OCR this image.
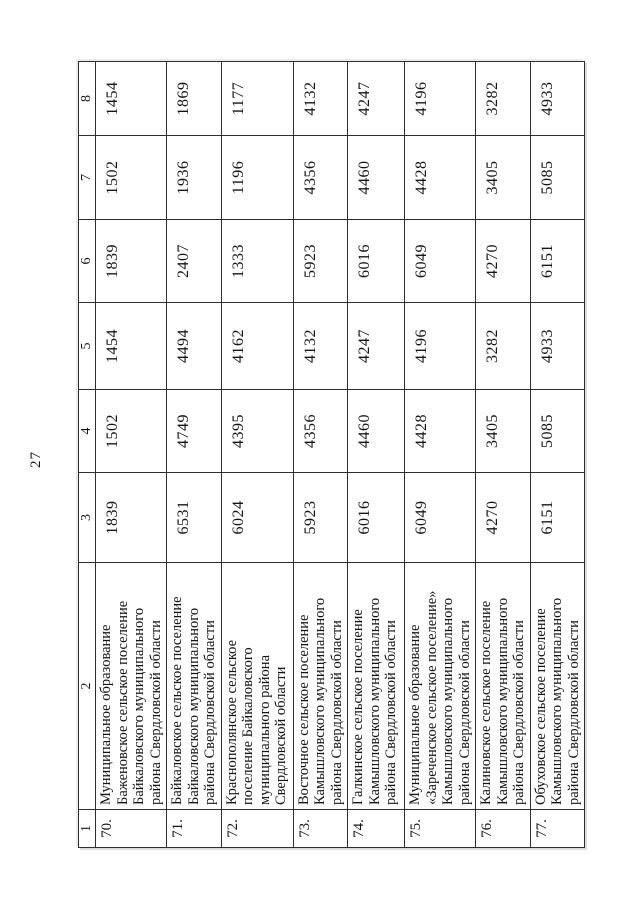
27
1	2	3	4	5	6	7	8
70.	Муниципальное образование
Баженовское сельское поселение
Байкаловского муниципального
района Свердловской области	1839	1502	1454	1839	1502	1454
71.	Байкаловское сельское поселение
Байкаловского муниципального
района Свердловской области	6531	4749	4494	2407	1936	1869
72.	Краснополянское сельское
поселение Байкаловского
муниципального района
Свердловской области	6024	4395	4162	1333	1196	1177
73.	Восточное сельское поселение
Камышловского муниципального
района Свердловской области	5923	4356	4132	5923	4356	4132
74.	Галкинское сельское поселение
Камышловского муниципального
района Свердловской области	6016	4460	4247	6016	4460	4247
75.	Муниципальное образование
«Зареченское сельское поселение»
Камышловского муниципального
района Свердловской области	6049	4428	4196	6049	4428	4196
76.	Калиновское сельское поселение
Камышловского муниципального
района Свердловской области	4270	3405	3282	4270	3405	3282
77.	Обуховское сельское поселение
Камышловского муниципального
района Свердловской области	6151	5085	4933	6151	5085	4933
